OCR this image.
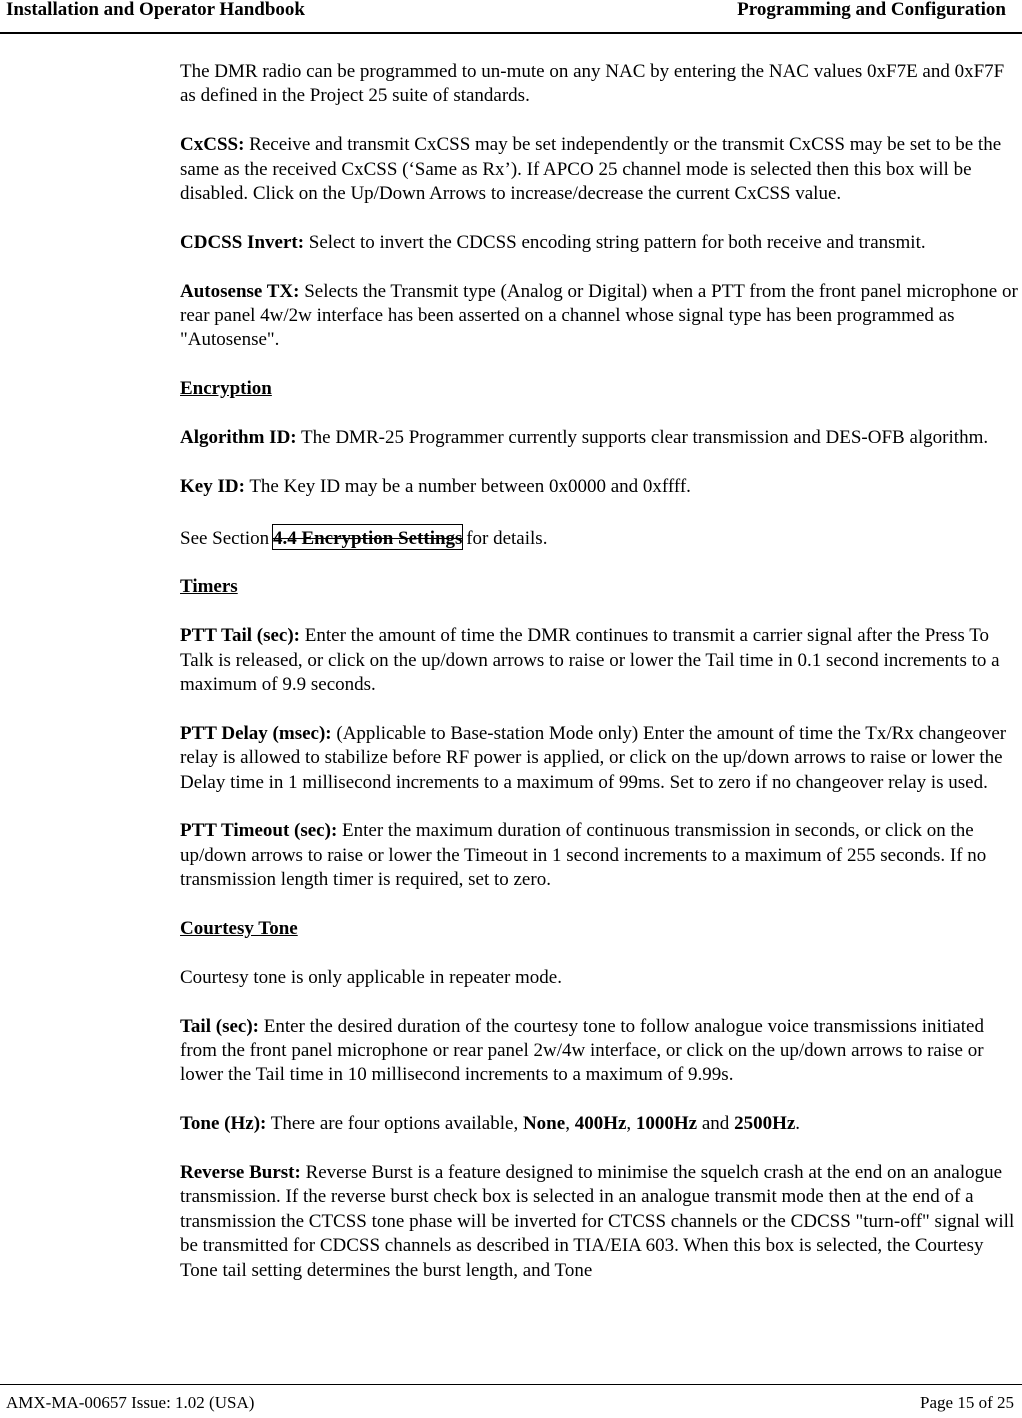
Installation and Operator Handbook	Programming and Configuration

The DMR radio can be programmed to un-mute on any NAC by entering the NAC values 0xF7E and 0xF7F as defined in the Project 25 suite of standards.

CxCSS: Receive and transmit CxCSS may be set independently or the transmit CxCSS may be set to be the same as the received CxCSS (‘Same as Rx’). If APCO 25 channel mode is selected then this box will be disabled. Click on the Up/Down Arrows to increase/decrease the current CxCSS value.

CDCSS Invert: Select to invert the CDCSS encoding string pattern for both receive and transmit.

Autosense TX: Selects the Transmit type (Analog or Digital) when a PTT from the front panel microphone or rear panel 4w/2w interface has been asserted on a channel whose signal type has been programmed as "Autosense".

Encryption

Algorithm ID: The DMR-25 Programmer currently supports clear transmission and DES-OFB algorithm.

Key ID: The Key ID may be a number between 0x0000 and 0xffff.

See Section 4.4 Encryption Settings for details.

Timers

PTT Tail (sec): Enter the amount of time the DMR continues to transmit a carrier signal after the Press To Talk is released, or click on the up/down arrows to raise or lower the Tail time in 0.1 second increments to a maximum of 9.9 seconds.

PTT Delay (msec): (Applicable to Base-station Mode only) Enter the amount of time the Tx/Rx changeover relay is allowed to stabilize before RF power is applied, or click on the up/down arrows to raise or lower the Delay time in 1 millisecond increments to a maximum of 99ms. Set to zero if no changeover relay is used.

PTT Timeout (sec): Enter the maximum duration of continuous transmission in seconds, or click on the up/down arrows to raise or lower the Timeout in 1 second increments to a maximum of 255 seconds. If no transmission length timer is required, set to zero.

Courtesy Tone

Courtesy tone is only applicable in repeater mode.

Tail (sec): Enter the desired duration of the courtesy tone to follow analogue voice transmissions initiated from the front panel microphone or rear panel 2w/4w interface, or click on the up/down arrows to raise or lower the Tail time in 10 millisecond increments to a maximum of 9.99s.

Tone (Hz): There are four options available, None, 400Hz, 1000Hz and 2500Hz.

Reverse Burst: Reverse Burst is a feature designed to minimise the squelch crash at the end on an analogue transmission. If the reverse burst check box is selected in an analogue transmit mode then at the end of a transmission the CTCSS tone phase will be inverted for CTCSS channels or the CDCSS "turn-off" signal will be transmitted for CDCSS channels as described in TIA/EIA 603. When this box is selected, the Courtesy Tone tail setting determines the burst length, and Tone

AMX-MA-00657 Issue: 1.02 (USA)	Page 15 of 25
